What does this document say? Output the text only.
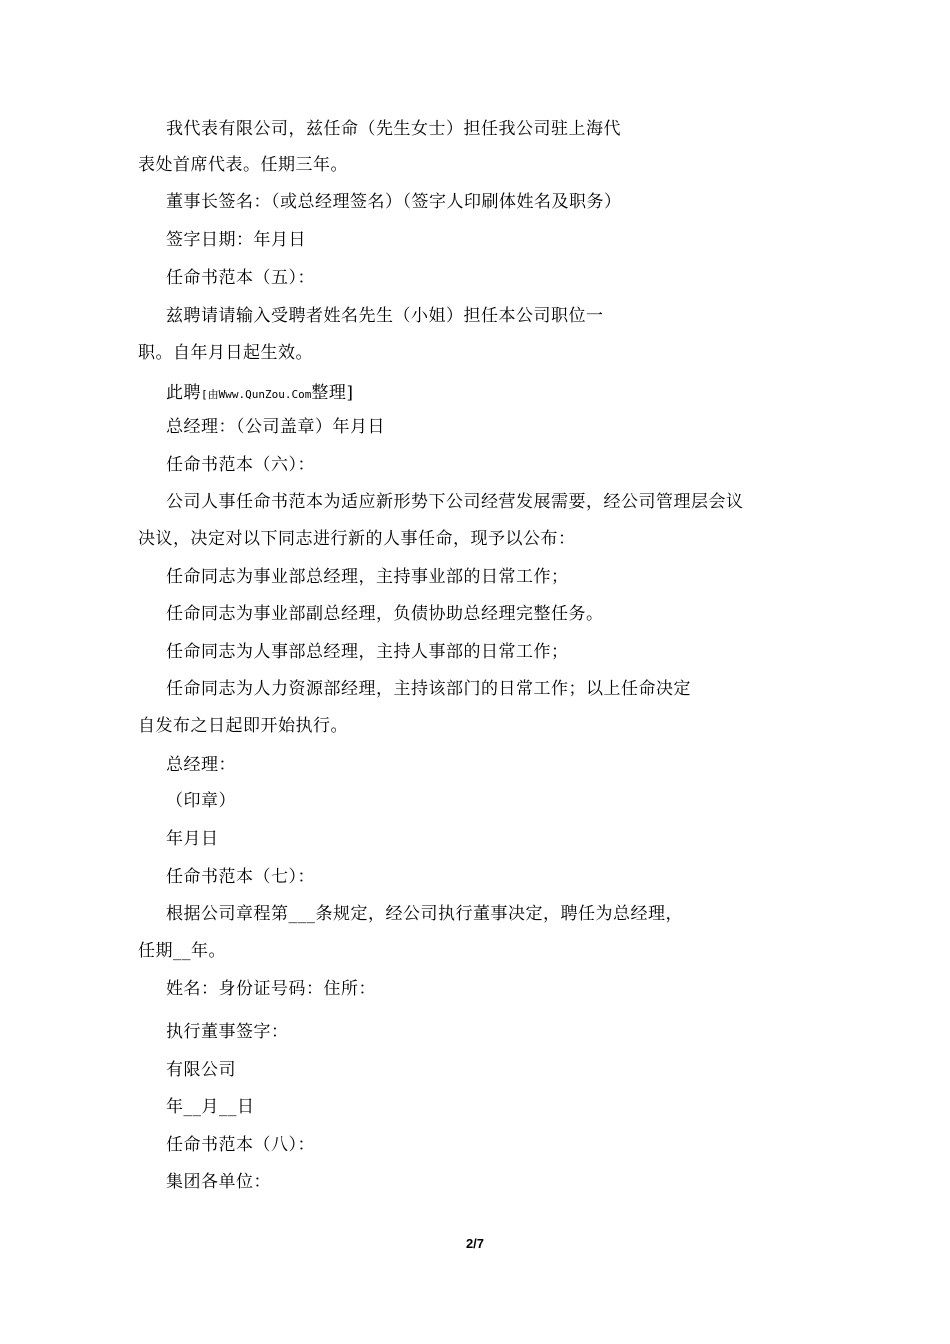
我代表有限公司，兹任命（先生女士）担任我公司驻上海代
表处首席代表。任期三年。
董事长签名：（或总经理签名）（签字人印刷体姓名及职务）
签字日期：年月日
任命书范本（五）：
兹聘请请输入受聘者姓名先生（小姐）担任本公司职位一
职。自年月日起生效。
此聘[由Www.QunZou.Com整理]
总经理：（公司盖章）年月日
任命书范本（六）：
公司人事任命书范本为适应新形势下公司经营发展需要，经公司管理层会议
决议，决定对以下同志进行新的人事任命，现予以公布：
任命同志为事业部总经理，主持事业部的日常工作；
任命同志为事业部副总经理，负债协助总经理完整任务。
任命同志为人事部总经理，主持人事部的日常工作；
任命同志为人力资源部经理，主持该部门的日常工作；以上任命决定
自发布之日起即开始执行。
总经理：
（印章）
年月日
任命书范本（七）：
根据公司章程第___条规定，经公司执行董事决定，聘任为总经理，
任期__年。
姓名：身份证号码：住所：
执行董事签字：
有限公司
年__月__日
任命书范本（八）：
集团各单位：
2/7
